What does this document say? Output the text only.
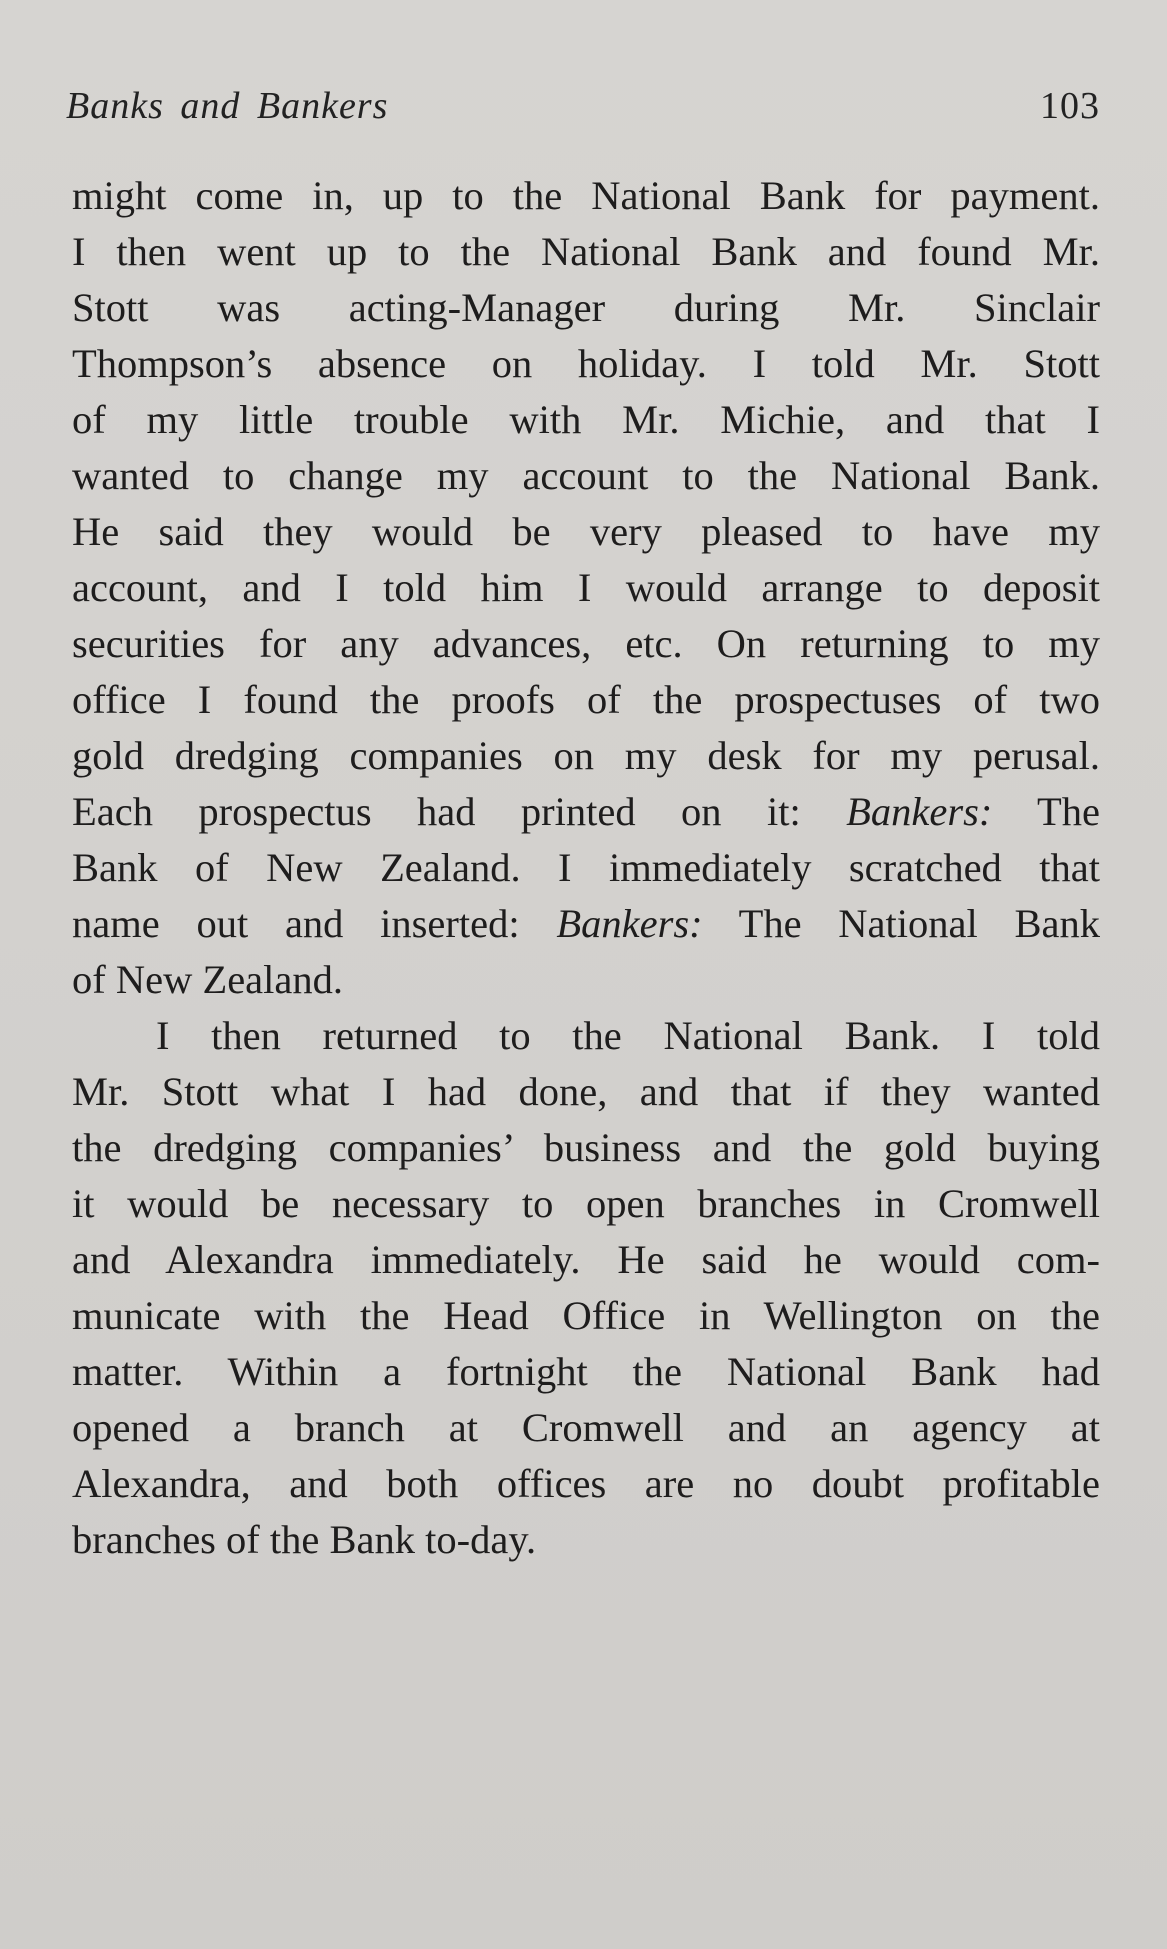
Banks and Bankers	103
might come in, up to the National Bank for payment.
I then went up to the National Bank and found Mr.
Stott was acting-Manager during Mr. Sinclair
Thompson’s absence on holiday. I told Mr. Stott
of my little trouble with Mr. Michie, and that I
wanted to change my account to the National Bank.
He said they would be very pleased to have my
account, and I told him I would arrange to deposit
securities for any advances, etc. On returning to my
office I found the proofs of the prospectuses of two
gold dredging companies on my desk for my perusal.
Each prospectus had printed on it: Bankers: The
Bank of New Zealand. I immediately scratched that
name out and inserted: Bankers: The National Bank
of New Zealand.
I then returned to the National Bank. I told
Mr. Stott what I had done, and that if they wanted
the dredging companies’ business and the gold buying
it would be necessary to open branches in Cromwell
and Alexandra immediately. He said he would com-
municate with the Head Office in Wellington on the
matter. Within a fortnight the National Bank had
opened a branch at Cromwell and an agency at
Alexandra, and both offices are no doubt profitable
branches of the Bank to-day.
